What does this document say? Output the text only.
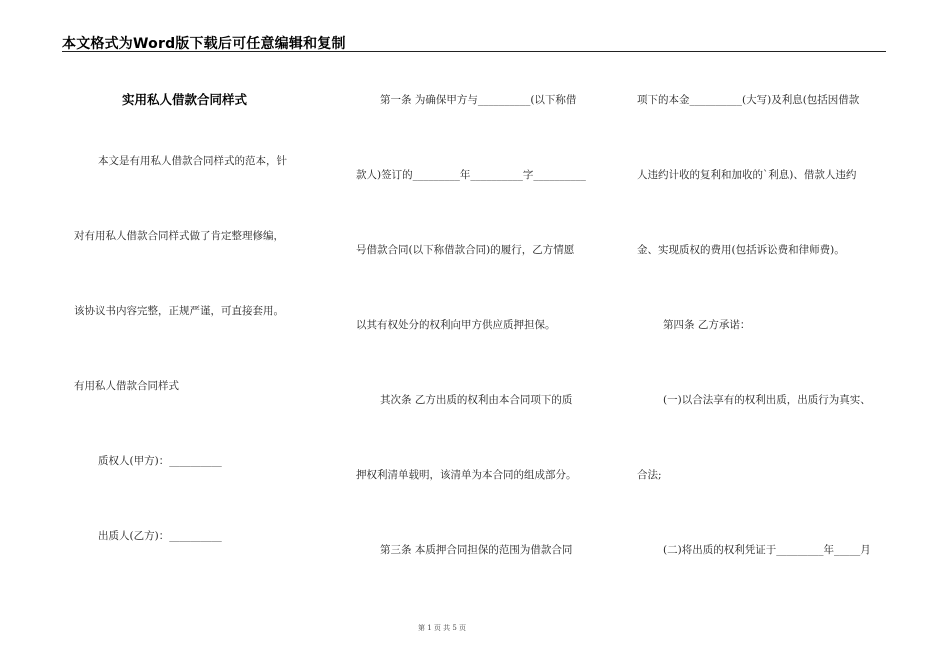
本文格式为Word版下载后可任意编辑和复制
实用私人借款合同样式
本文是有用私人借款合同样式的范本，针
对有用私人借款合同样式做了肯定整理修编，
该协议书内容完整，正规严谨，可直接套用。
有用私人借款合同样式
质权人(甲方)：__________
出质人(乙方)：__________
第一条 为确保甲方与__________(以下称借
款人)签订的_________年__________字__________
号借款合同(以下称借款合同)的履行，乙方情愿
以其有权处分的权利向甲方供应质押担保。
其次条 乙方出质的权利由本合同项下的质
押权利清单载明，该清单为本合同的组成部分。
第三条 本质押合同担保的范围为借款合同
项下的本金__________(大写)及利息(包括因借款
人违约计收的复利和加收的`利息)、借款人违约
金、实现质权的费用(包括诉讼费和律师费)。
第四条 乙方承诺：
(一)以合法享有的权利出质，出质行为真实、
合法;
(二)将出质的权利凭证于_________年_____月
第 1 页 共 5 页
